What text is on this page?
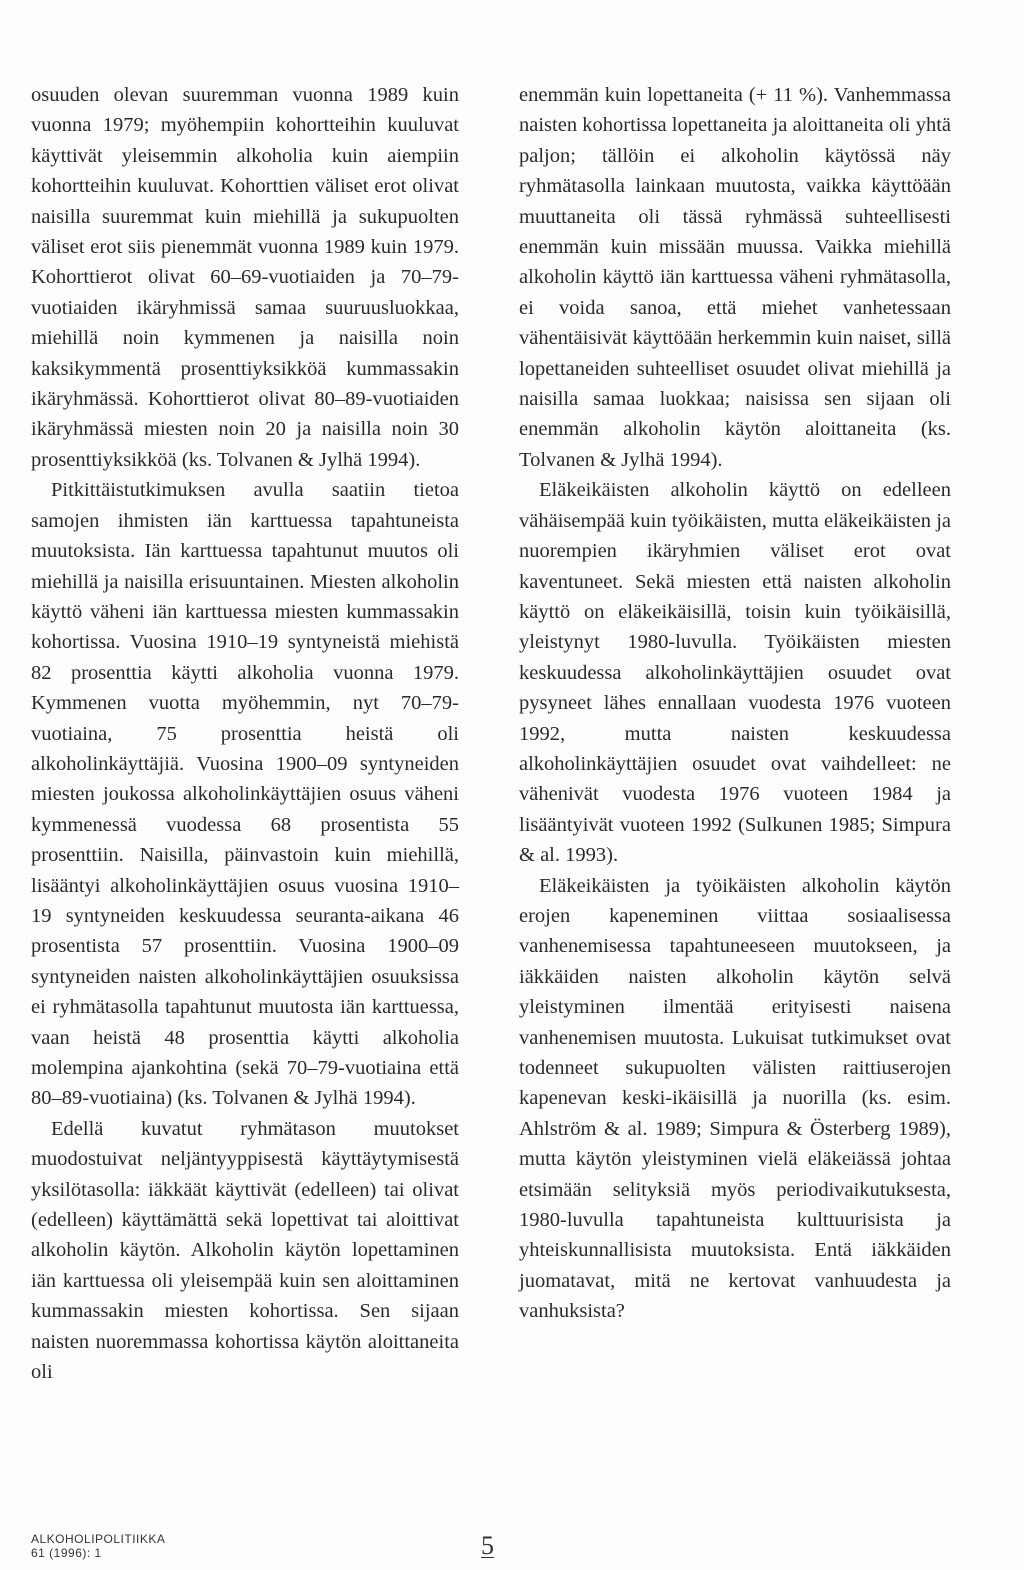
osuuden olevan suuremman vuonna 1989 kuin vuonna 1979; myöhempiin kohortteihin kuuluvat käyttivät yleisemmin alkoholia kuin aiempiin kohortteihin kuuluvat. Kohorttien väliset erot olivat naisilla suuremmat kuin miehillä ja sukupuolten väliset erot siis pienemmät vuonna 1989 kuin 1979. Kohorttierot olivat 60–69-vuotiaiden ja 70–79-vuotiaiden ikäryhmissä samaa suuruusluokkaa, miehillä noin kymmenen ja naisilla noin kaksikymmentä prosenttiyksikköä kummassakin ikäryhmässä. Kohorttierot olivat 80–89-vuotiaiden ikäryhmässä miesten noin 20 ja naisilla noin 30 prosenttiyksikköä (ks. Tolvanen & Jylhä 1994).

Pitkittäistutkimuksen avulla saatiin tietoa samojen ihmisten iän karttuessa tapahtuneista muutoksista. Iän karttuessa tapahtunut muutos oli miehillä ja naisilla erisuuntainen. Miesten alkoholin käyttö väheni iän karttuessa miesten kummassakin kohortissa. Vuosina 1910–19 syntyneistä miehistä 82 prosenttia käytti alkoholia vuonna 1979. Kymmenen vuotta myöhemmin, nyt 70–79-vuotiaina, 75 prosenttia heistä oli alkoholinkäyttäjiä. Vuosina 1900–09 syntyneiden miesten joukossa alkoholinkäyttäjien osuus väheni kymmenessä vuodessa 68 prosentista 55 prosenttiin. Naisilla, päinvastoin kuin miehillä, lisääntyi alkoholinkäyttäjien osuus vuosina 1910–19 syntyneiden keskuudessa seuranta-aikana 46 prosentista 57 prosenttiin. Vuosina 1900–09 syntyneiden naisten alkoholinkäyttäjien osuuksissa ei ryhmätasolla tapahtunut muutosta iän karttuessa, vaan heistä 48 prosenttia käytti alkoholia molempina ajankohtina (sekä 70–79-vuotiaina että 80–89-vuotiaina) (ks. Tolvanen & Jylhä 1994).

Edellä kuvatut ryhmätason muutokset muodostuivat neljäntyyppisestä käyttäytymisestä yksilötasolla: iäkkäät käyttivät (edelleen) tai olivat (edelleen) käyttämättä sekä lopettivat tai aloittivat alkoholin käytön. Alkoholin käytön lopettaminen iän karttuessa oli yleisempää kuin sen aloittaminen kummassakin miesten kohortissa. Sen sijaan naisten nuoremmassa kohortissa käytön aloittaneita oli

enemmän kuin lopettaneita (+ 11 %). Vanhemmassa naisten kohortissa lopettaneita ja aloittaneita oli yhtä paljon; tällöin ei alkoholin käytössä näy ryhmätasolla lainkaan muutosta, vaikka käyttöään muuttaneita oli tässä ryhmässä suhteellisesti enemmän kuin missään muussa. Vaikka miehillä alkoholin käyttö iän karttuessa väheni ryhmätasolla, ei voida sanoa, että miehet vanhetessaan vähentäisivät käyttöään herkemmin kuin naiset, sillä lopettaneiden suhteelliset osuudet olivat miehillä ja naisilla samaa luokkaa; naisissa sen sijaan oli enemmän alkoholin käytön aloittaneita (ks. Tolvanen & Jylhä 1994).

Eläkeikäisten alkoholin käyttö on edelleen vähäisempää kuin työikäisten, mutta eläkeikäisten ja nuorempien ikäryhmien väliset erot ovat kaventuneet. Sekä miesten että naisten alkoholin käyttö on eläkeikäisillä, toisin kuin työikäisillä, yleistynyt 1980-luvulla. Työikäisten miesten keskuudessa alkoholinkäyttäjien osuudet ovat pysyneet lähes ennallaan vuodesta 1976 vuoteen 1992, mutta naisten keskuudessa alkoholinkäyttäjien osuudet ovat vaihdelleet: ne vähenivät vuodesta 1976 vuoteen 1984 ja lisääntyivät vuoteen 1992 (Sulkunen 1985; Simpura & al. 1993).

Eläkeikäisten ja työikäisten alkoholin käytön erojen kapeneminen viittaa sosiaalisessa vanhenemisessa tapahtuneeseen muutokseen, ja iäkkäiden naisten alkoholin käytön selvä yleistyminen ilmentää erityisesti naisena vanhenemisen muutosta. Lukuisat tutkimukset ovat todenneet sukupuolten välisten raittiuserojen kapenevan keski-ikäisillä ja nuorilla (ks. esim. Ahlström & al. 1989; Simpura & Österberg 1989), mutta käytön yleistyminen vielä eläkeiässä johtaa etsimään selityksiä myös periodivaikutuksesta, 1980-luvulla tapahtuneista kulttuurisista ja yhteiskunnallisista muutoksista. Entä iäkkäiden juomatavat, mitä ne kertovat vanhuudesta ja vanhuksista?

ALKOHOLIPOLITIIKKA
61 (1996): 1	5
